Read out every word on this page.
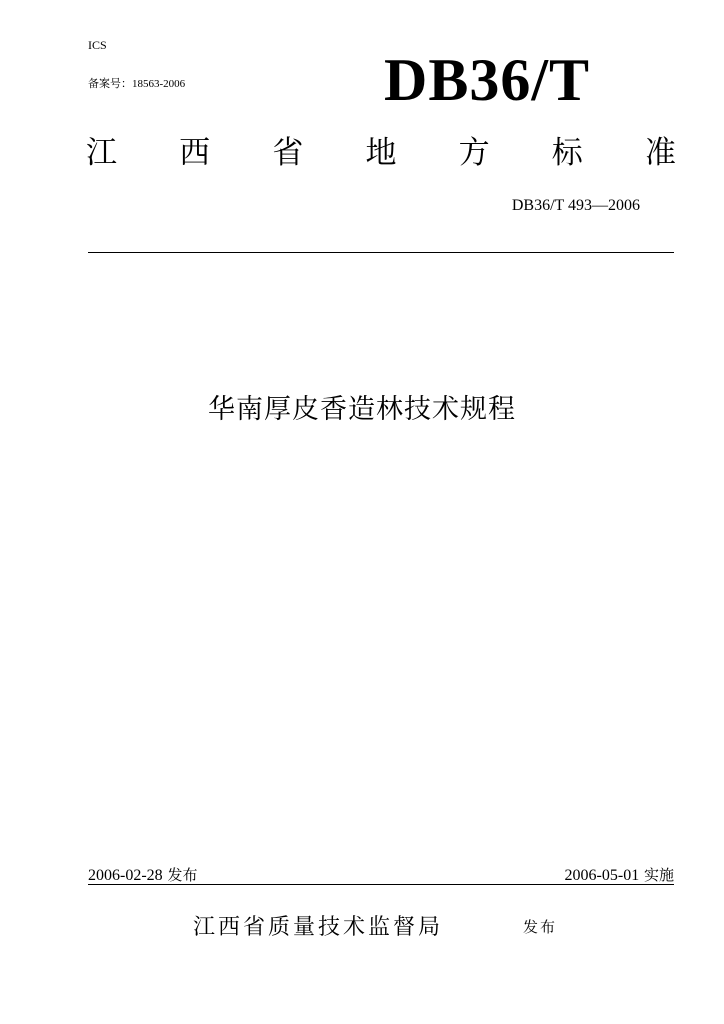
ICS
备案号：18563-2006	DB36/T
江 西 省 地 方 标 准
DB36/T 493—2006
华南厚皮香造林技术规程
2006-02-28 发布	2006-05-01 实施
江西省质量技术监督局	发布
